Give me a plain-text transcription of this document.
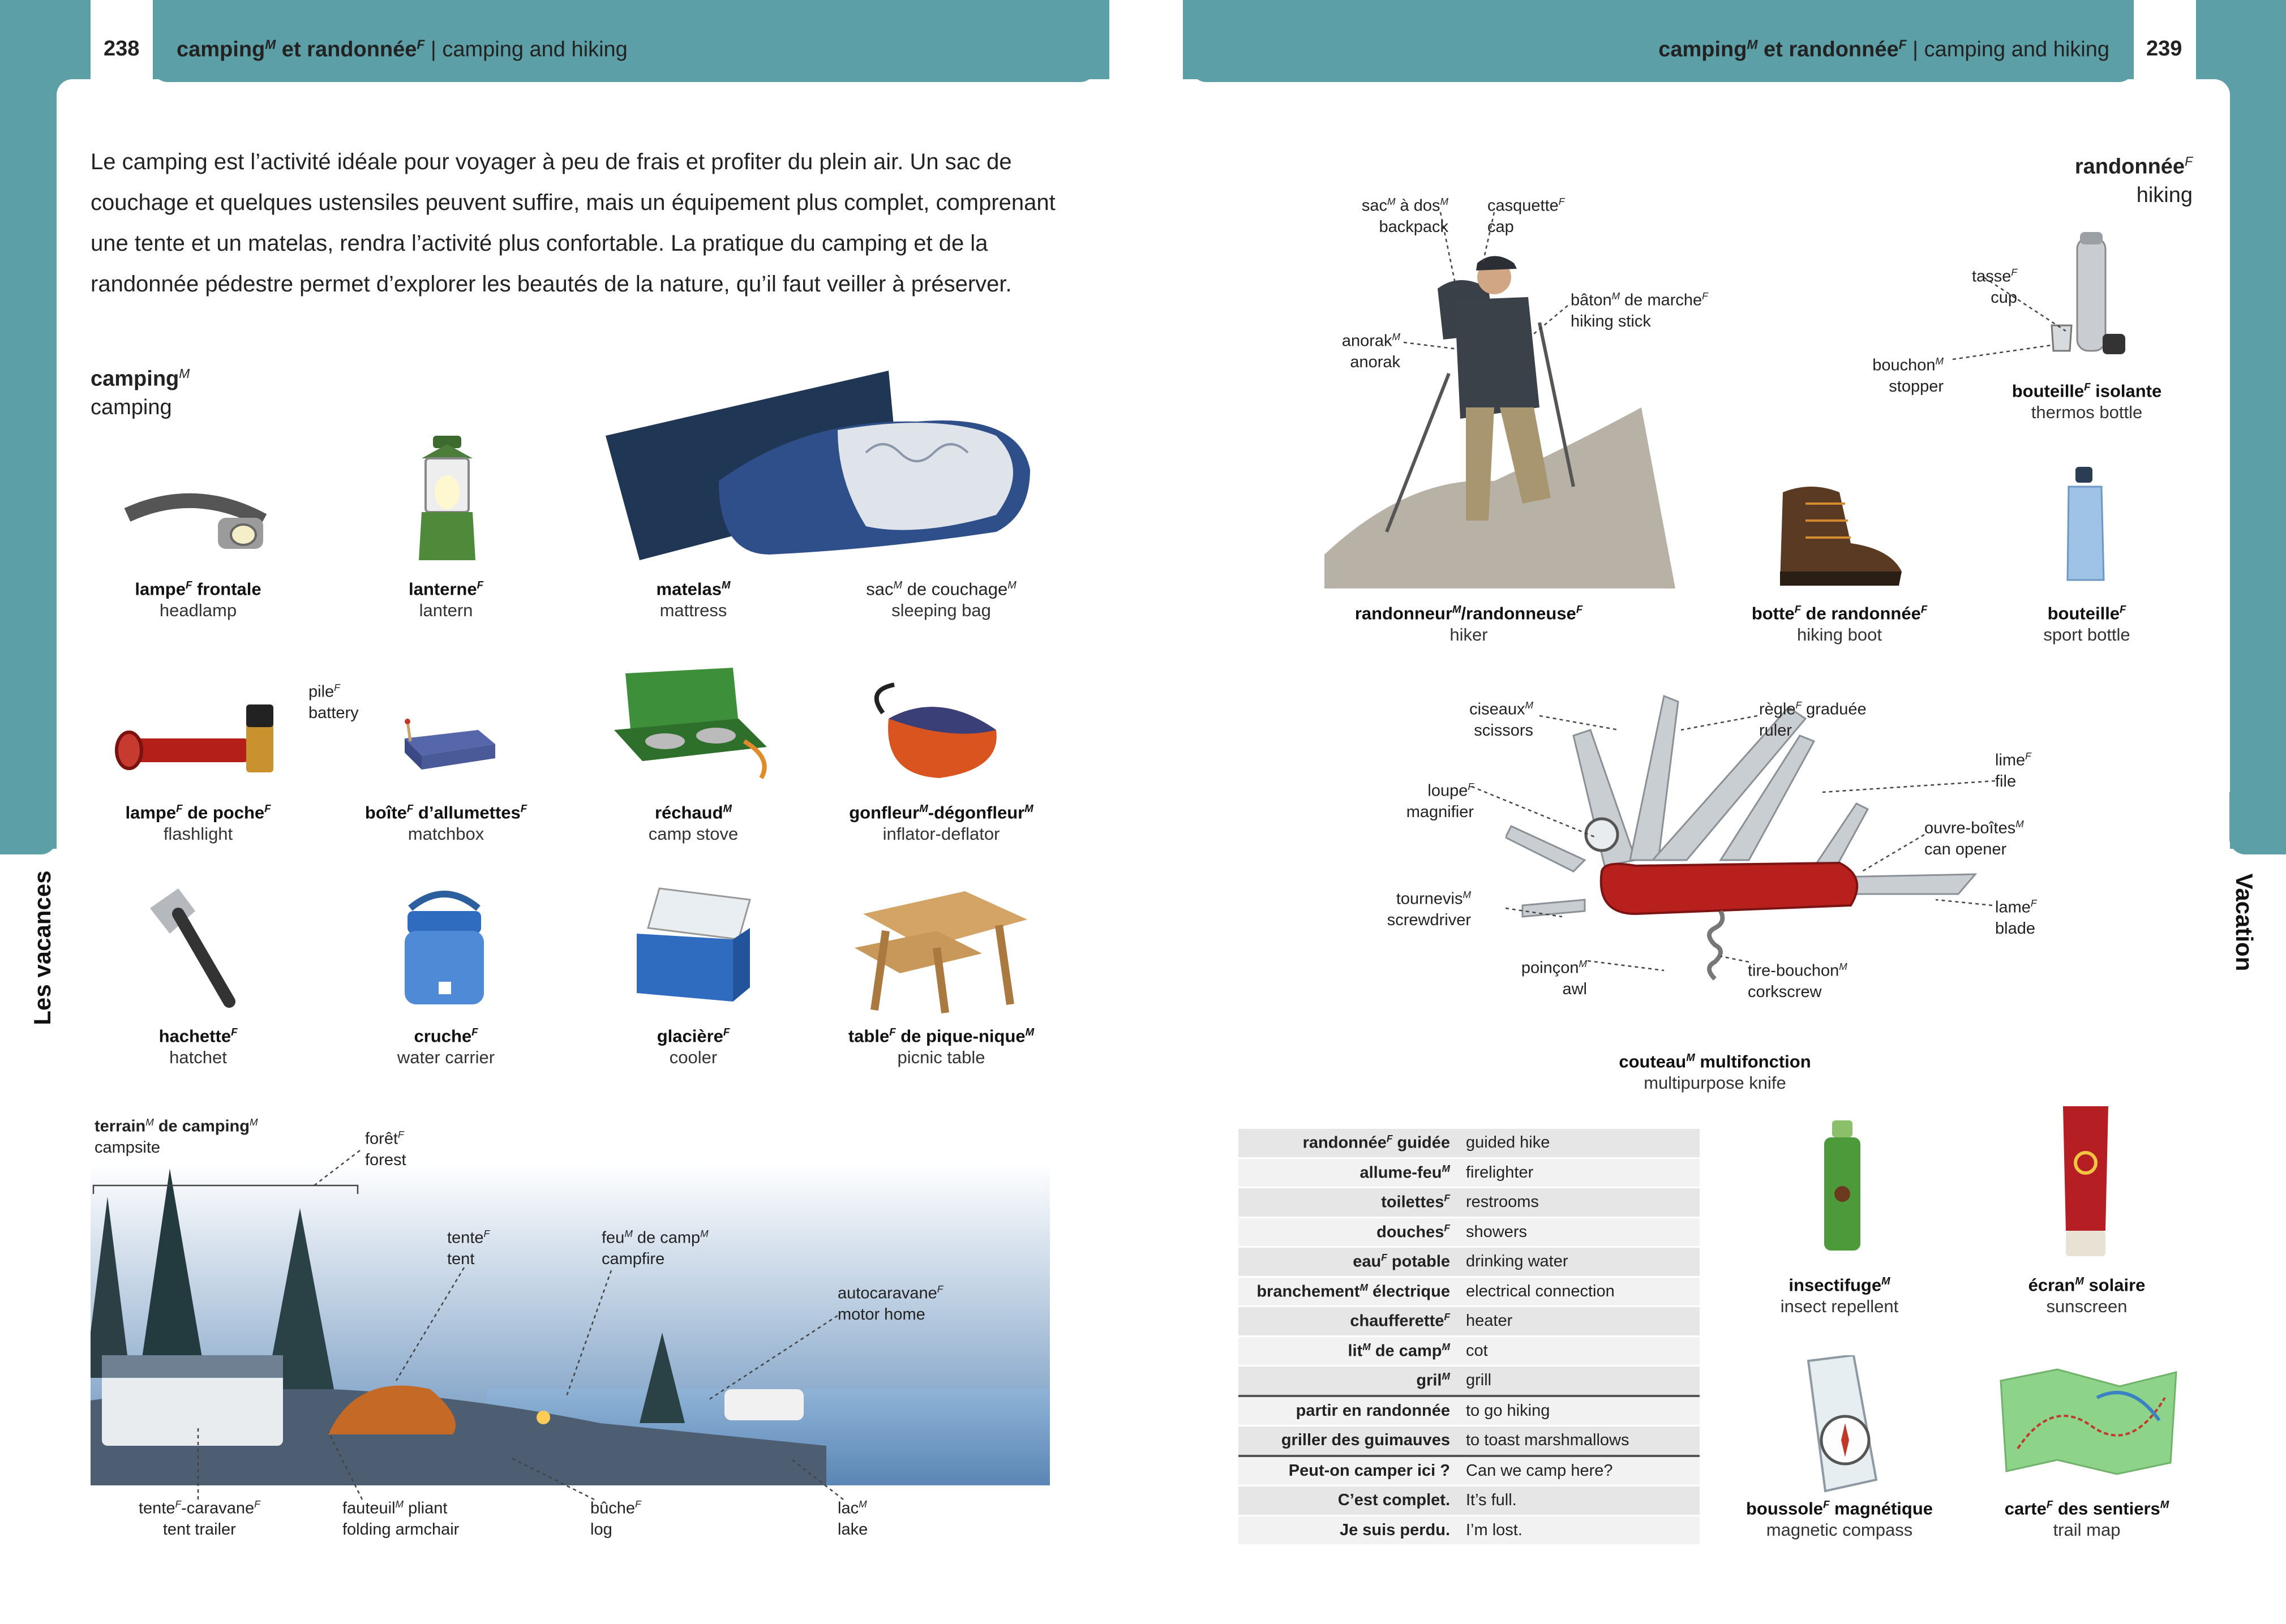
238 camping$^M$ et randonnée$^F$ | camping and hiking	239
camping$^M$ et randonnée$^F$ | camping and hiking
Les vacances	Vacation
Le camping est l’activité idéale pour voyager à peu de frais et profiter du plein air. Un sac de couchage et quelques ustensiles peuvent suffire, mais un équipement plus complet, comprenant une tente et un matelas, rendra l’activité plus confortable. La pratique du camping et de la randonnée pédestre permet d’explorer les beautés de la nature, qu’il faut veiller à préserver.
camping$^M$
camping
randonnée$^F$
hiking
lampe$^F$ frontale
headlamp
lanterne$^F$
lantern
matelas$^M$
mattress
sac$^M$ de couchage$^M$
sleeping bag
lampe$^F$ de poche$^F$
flashlight
boîte$^F$ d’allumettes$^F$
matchbox
réchaud$^M$
camp stove
gonfleur$^M$-dégonfleur$^M$
inflator-deflator
hachette$^F$
hatchet
cruche$^F$
water carrier
glacière$^F$
cooler
table$^F$ de pique-nique$^M$
picnic table
pile$^F$
battery
terrain$^M$ de camping$^M$
campsite	forêt$^F$
forest
tente$^F$
tent
feu$^M$ de camp$^M$
campfire
autocaravane$^F$
motor home
tente$^F$-caravane$^F$
tent trailer
fauteuil$^M$ pliant
folding armchair
bûche$^F$
log
lac$^M$
lake
sac$^M$ à dos$^M$
backpack
casquette$^F$
cap
bâton$^M$ de marche$^F$
hiking stick
anorak$^M$
anorak
tasse$^F$
cup
bouchon$^M$
stopper	bouteille$^F$ isolante
thermos bottle
randonneur$^M$/randonneuse$^F$
hiker
botte$^F$ de randonnée$^F$
hiking boot
bouteille$^F$
sport bottle
couteau$^M$ multifonction
multipurpose knife
insectifuge$^M$
insect repellent
écran$^M$ solaire
sunscreen
boussole$^F$ magnétique
magnetic compass
carte$^F$ des sentiers$^M$
trail map
ciseaux$^M$
scissors
règle$^F$ graduée
ruler
lime$^F$
file
loupe$^F$
magnifier
ouvre-boîtes$^M$
can opener
tournevis$^M$
screwdriver
lame$^F$
blade
poinçon$^M$
awl
tire-bouchon$^M$
corkscrew
randonnée$^F$ guidée	guided hike
allume-feu$^M$	firelighter
toilettes$^F$	restrooms
douches$^F$	showers
eau$^F$ potable	drinking water
branchement$^M$ électrique	electrical connection
chaufferette$^F$	heater
lit$^M$ de camp$^M$	cot
gril$^M$	grill
partir en randonnée	to go hiking
griller des guimauves	to toast marshmallows
Peut-on camper ici ?	Can we camp here?
C’est complet.	It’s full.
Je suis perdu.	I’m lost.
